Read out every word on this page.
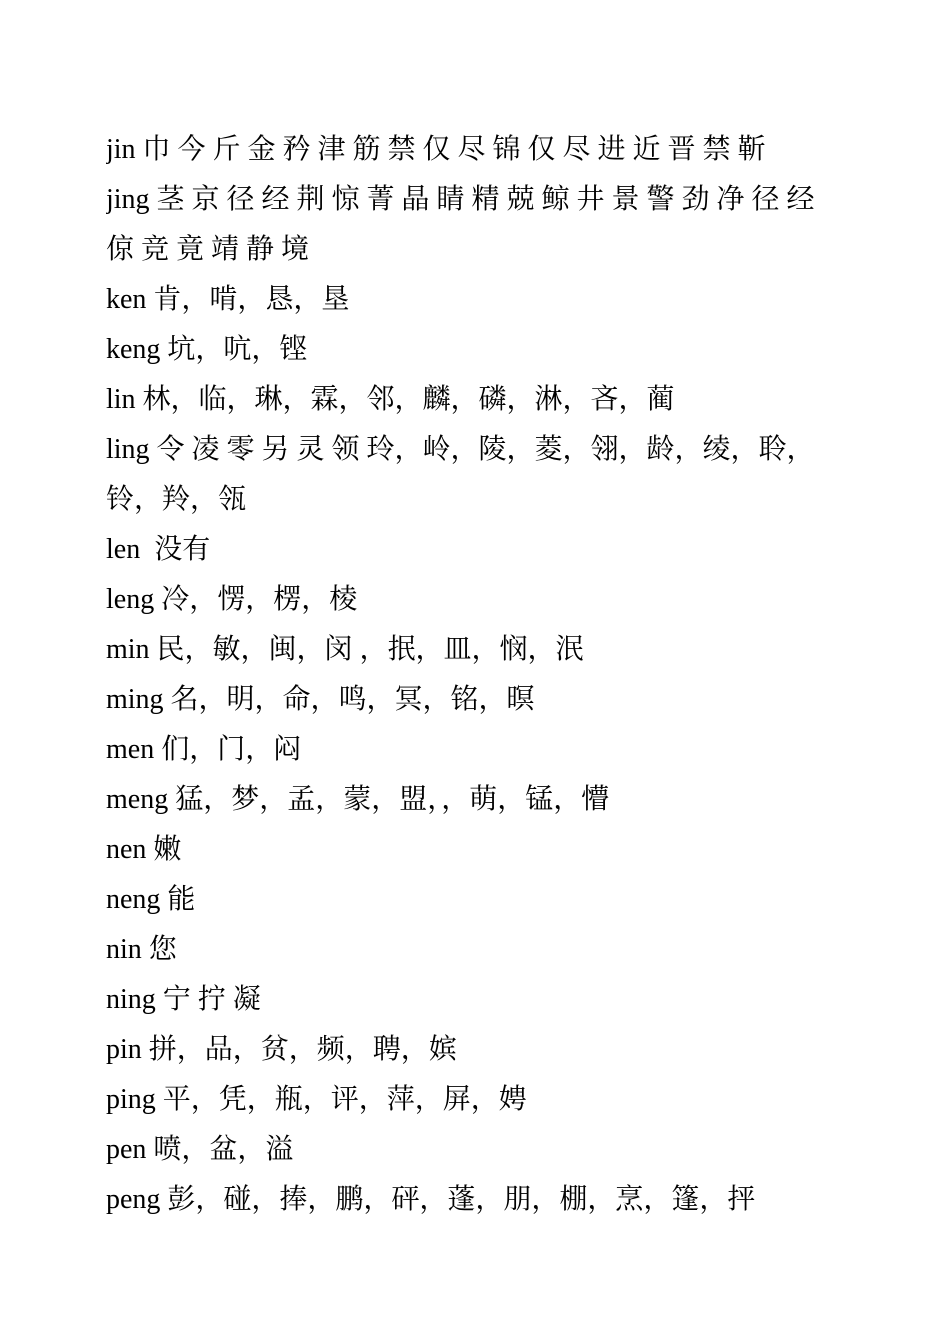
jin 巾 今 斤 金 矜 津 筋 禁 仅 尽 锦 仅 尽 进 近 晋 禁 靳
jing 茎 京 径 经 荆 惊 菁 晶 睛 精 兢 鲸 井 景 警 劲 净 径 经
倞 竞 竟 靖 静 境
ken 肯，啃，恳，垦
keng 坑，吭，铿
lin 林，临，琳，霖，邻，麟，磷，淋，吝，蔺
ling 令 凌 零 另 灵 领 玲，岭，陵，菱，翎，龄，绫，聆，
铃，羚，瓴
len  没有
leng 冷，愣，楞，棱
min 民，敏，闽，闵 ，抿，皿，悯，泯
ming 名，明，命，鸣，冥，铭，暝
men 们，门，闷
meng 猛，梦，孟，蒙，盟，，萌，锰，懵
nen 嫩
neng 能
nin 您
ning 宁 拧 凝
pin 拼，品，贫，频，聘，嫔
ping 平，凭，瓶，评，萍，屏，娉
pen 喷，盆，溢
peng 彭，碰，捧，鹏，砰，蓬，朋，棚，烹，篷，抨
